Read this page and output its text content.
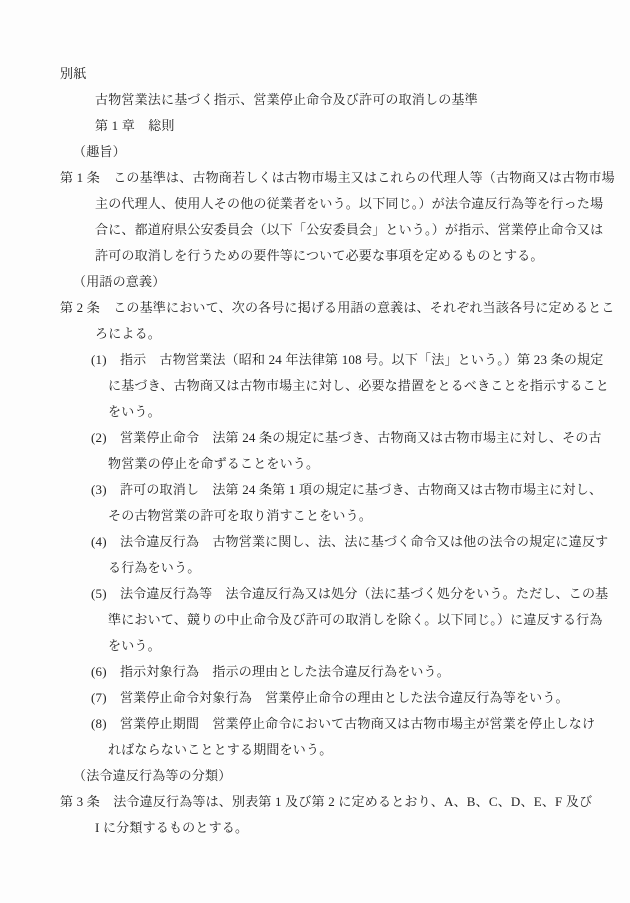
別紙
古物営業法に基づく指示、営業停止命令及び許可の取消しの基準
第 1 章　総則
（趣旨）
第 1 条　この基準は、古物商若しくは古物市場主又はこれらの代理人等（古物商又は古物市場
主の代理人、使用人その他の従業者をいう。以下同じ。）が法令違反行為等を行った場
合に、都道府県公安委員会（以下「公安委員会」という。）が指示、営業停止命令又は
許可の取消しを行うための要件等について必要な事項を定めるものとする。
（用語の意義）
第 2 条　この基準において、次の各号に掲げる用語の意義は、それぞれ当該各号に定めるとこ
ろによる。
(1)　指示　古物営業法（昭和 24 年法律第 108 号。以下「法」という。）第 23 条の規定
に基づき、古物商又は古物市場主に対し、必要な措置をとるべきことを指示すること
をいう。
(2)　営業停止命令　法第 24 条の規定に基づき、古物商又は古物市場主に対し、その古
物営業の停止を命ずることをいう。
(3)　許可の取消し　法第 24 条第 1 項の規定に基づき、古物商又は古物市場主に対し、
その古物営業の許可を取り消すことをいう。
(4)　法令違反行為　古物営業に関し、法、法に基づく命令又は他の法令の規定に違反す
る行為をいう。
(5)　法令違反行為等　法令違反行為又は処分（法に基づく処分をいう。ただし、この基
準において、競りの中止命令及び許可の取消しを除く。以下同じ。）に違反する行為
をいう。
(6)　指示対象行為　指示の理由とした法令違反行為をいう。
(7)　営業停止命令対象行為　営業停止命令の理由とした法令違反行為等をいう。
(8)　営業停止期間　営業停止命令において古物商又は古物市場主が営業を停止しなけ
ればならないこととする期間をいう。
（法令違反行為等の分類）
第 3 条　法令違反行為等は、別表第 1 及び第 2 に定めるとおり、A、B、C、D、E、F 及び
I に分類するものとする。
